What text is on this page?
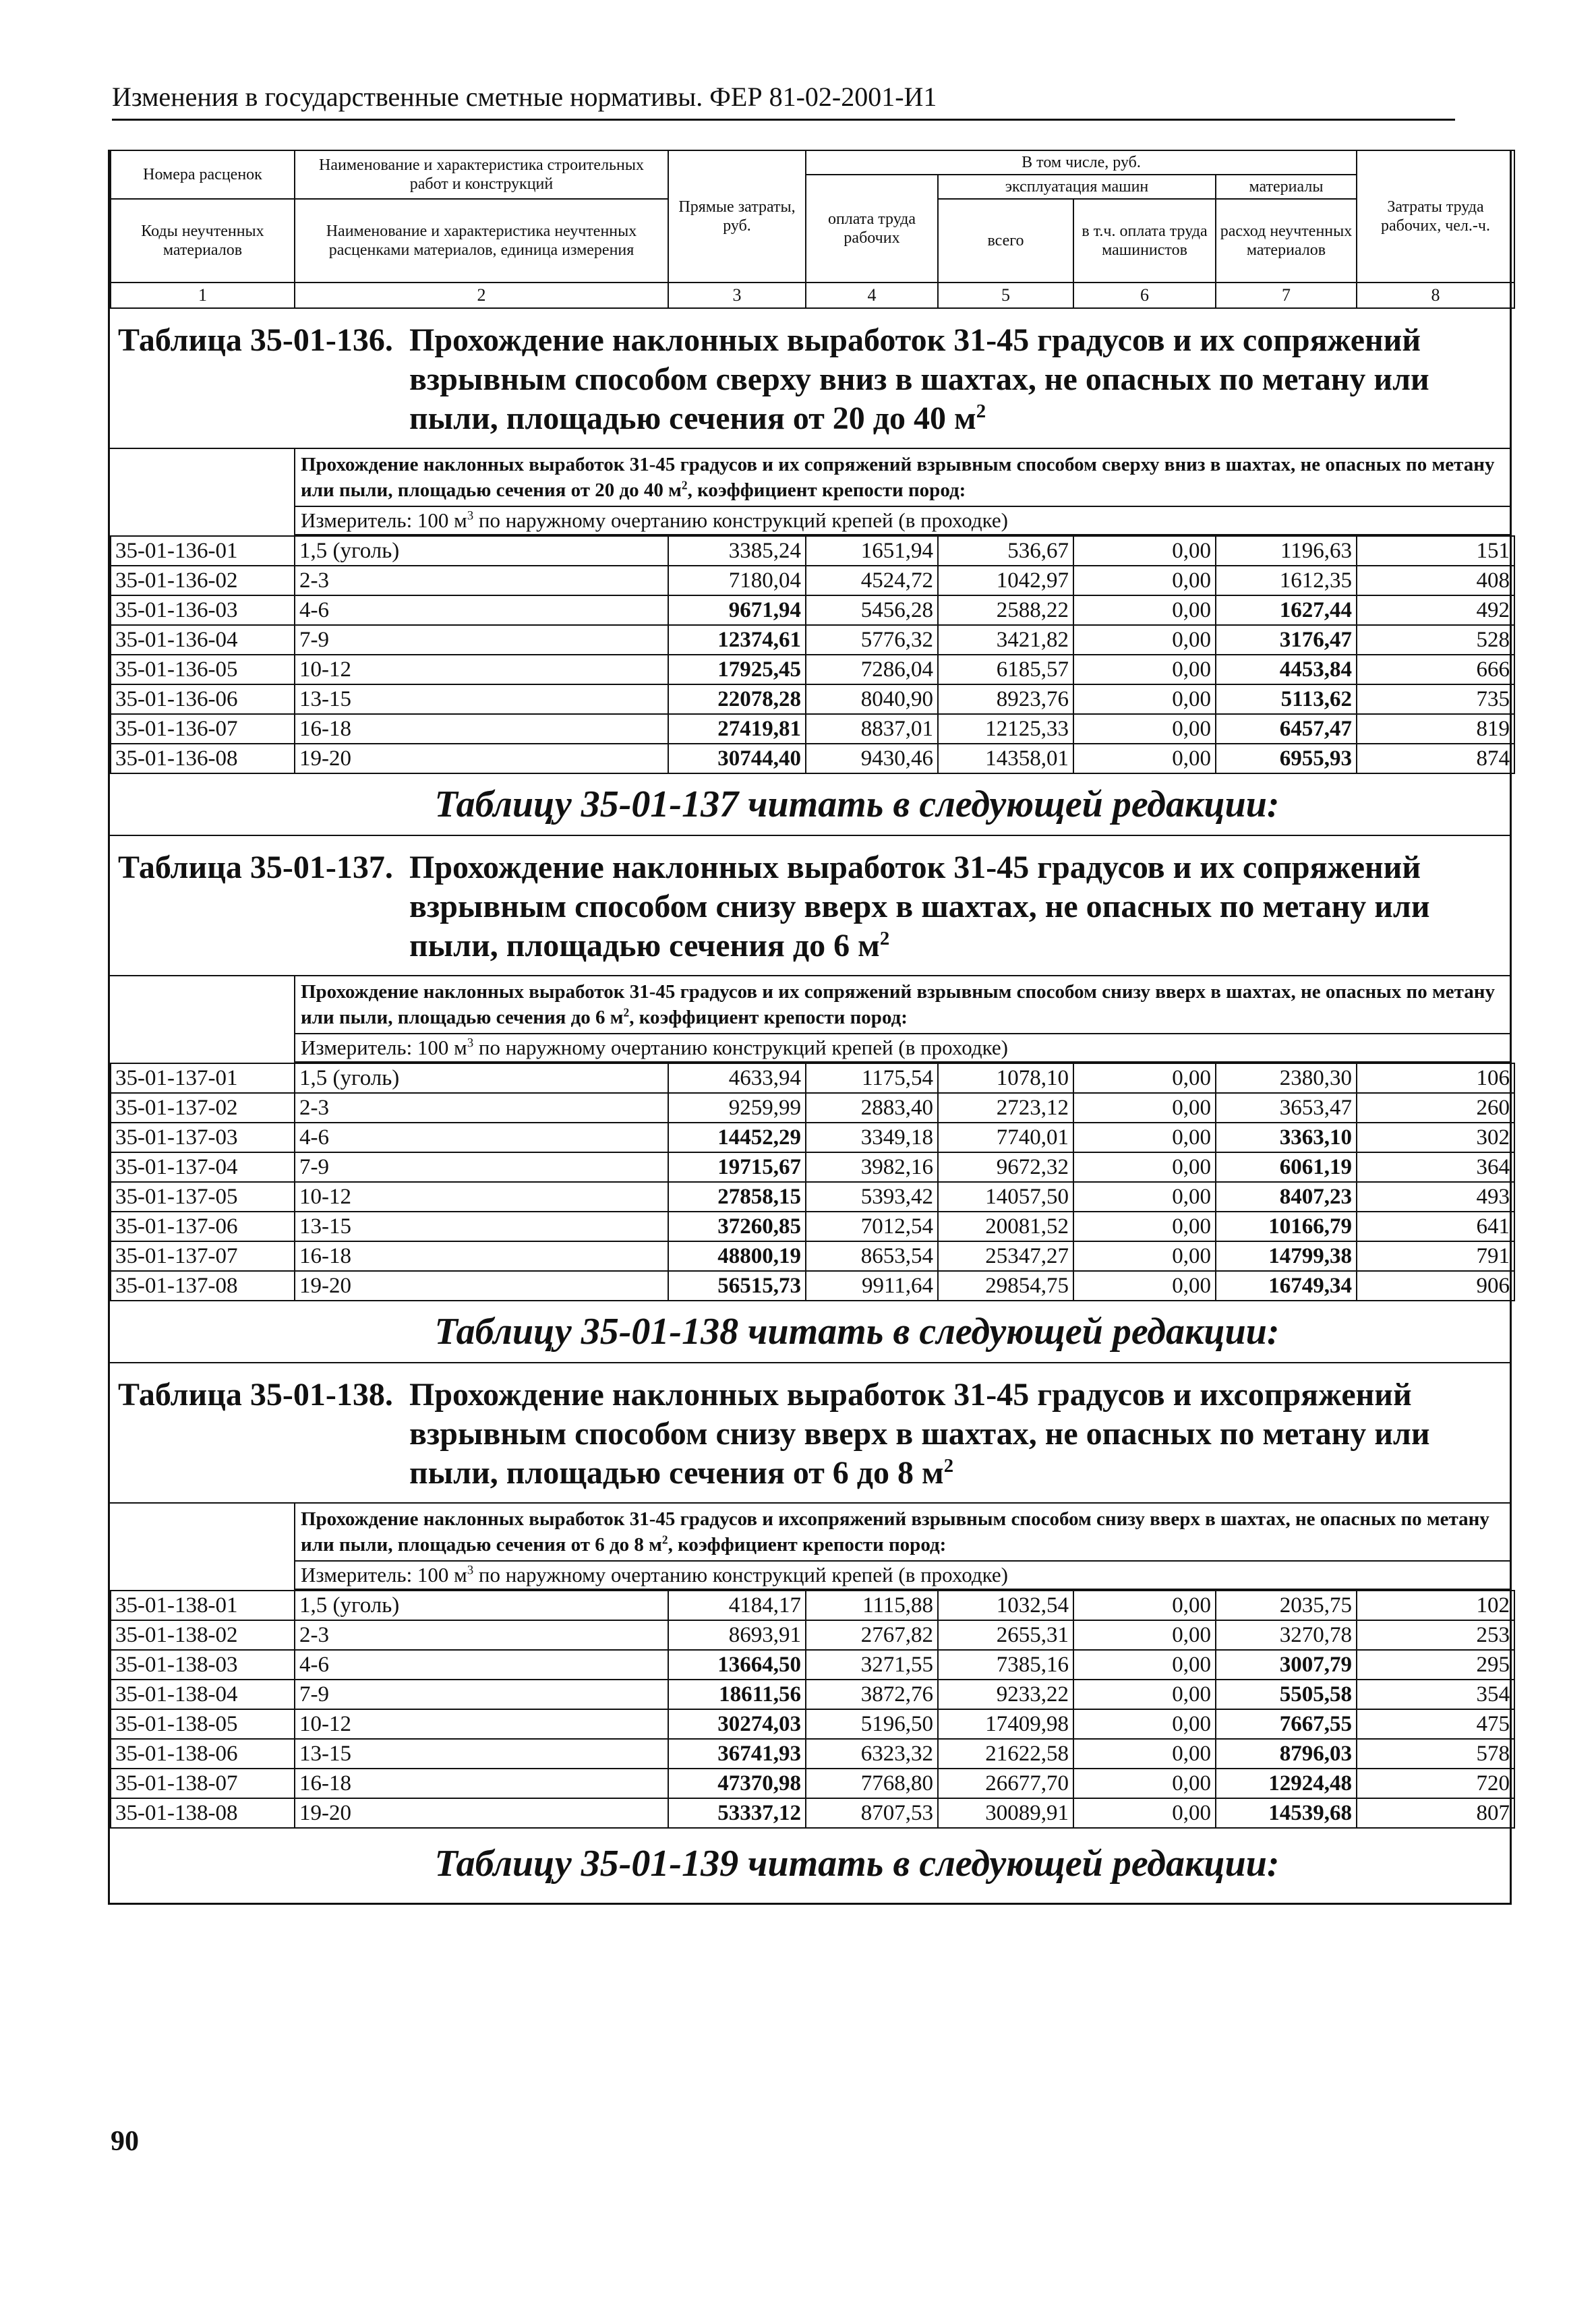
Изменения в государственные сметные нормативы. ФЕР 81-02-2001-И1
Номера расценок	Наименование и характеристика строительных работ и конструкций	Прямые затраты, руб.	В том числе, руб.				Затраты труда рабочих, чел.-ч.
			оплата труда рабочих	эксплуатация машин		материалы	
Коды неучтенных материалов	Наименование и характеристика неучтенных расценками материалов, единица измерения			всего	в т.ч. оплата труда машинистов	расход неучтенных материалов	

1	2	3	4	5	6	7	8
Таблица 35-01-136. Прохождение наклонных выработок 31-45 градусов и их сопряжений взрывным способом сверху вниз в шахтах, не опасных по метану или пыли, площадью сечения от 20 до 40 $м^2$
Прохождение наклонных выработок 31-45 градусов и их сопряжений взрывным способом сверху вниз в шахтах, не опасных по метану или пыли, площадью сечения от 20 до 40 $м^2$, коэффициент крепости пород:
Измеритель: 100 $м^3$ по наружному очертанию конструкций крепей (в проходке)
35-01-136-01	1,5 (уголь)	3385,24	1651,94	536,67	0,00	1196,63	151
35-01-136-02	2-3	7180,04	4524,72	1042,97	0,00	1612,35	408
35-01-136-03	4-6	9671,94	5456,28	2588,22	0,00	1627,44	492
35-01-136-04	7-9	12374,61	5776,32	3421,82	0,00	3176,47	528
35-01-136-05	10-12	17925,45	7286,04	6185,57	0,00	4453,84	666
35-01-136-06	13-15	22078,28	8040,90	8923,76	0,00	5113,62	735
35-01-136-07	16-18	27419,81	8837,01	12125,33	0,00	6457,47	819
35-01-136-08	19-20	30744,40	9430,46	14358,01	0,00	6955,93	874
Таблицу 35-01-137 читать в следующей редакции:
Таблица 35-01-137. Прохождение наклонных выработок 31-45 градусов и их сопряжений взрывным способом снизу вверх в шахтах, не опасных по метану или пыли, площадью сечения до 6 $м^2$
Прохождение наклонных выработок 31-45 градусов и их сопряжений взрывным способом снизу вверх в шахтах, не опасных по метану или пыли, площадью сечения до 6 $м^2$, коэффициент крепости пород:
Измеритель: 100 $м^3$ по наружному очертанию конструкций крепей (в проходке)
35-01-137-01	1,5 (уголь)	4633,94	1175,54	1078,10	0,00	2380,30	106
35-01-137-02	2-3	9259,99	2883,40	2723,12	0,00	3653,47	260
35-01-137-03	4-6	14452,29	3349,18	7740,01	0,00	3363,10	302
35-01-137-04	7-9	19715,67	3982,16	9672,32	0,00	6061,19	364
35-01-137-05	10-12	27858,15	5393,42	14057,50	0,00	8407,23	493
35-01-137-06	13-15	37260,85	7012,54	20081,52	0,00	10166,79	641
35-01-137-07	16-18	48800,19	8653,54	25347,27	0,00	14799,38	791
35-01-137-08	19-20	56515,73	9911,64	29854,75	0,00	16749,34	906
Таблицу 35-01-138 читать в следующей редакции:
Таблица 35-01-138. Прохождение наклонных выработок 31-45 градусов и ихсопряжений взрывным способом снизу вверх в шахтах, не опасных по метану или пыли, площадью сечения от 6 до 8 $м^2$
Прохождение наклонных выработок 31-45 градусов и ихсопряжений взрывным способом снизу вверх в шахтах, не опасных по метану или пыли, площадью сечения от 6 до 8 $м^2$, коэффициент крепости пород:
Измеритель: 100 $м^3$ по наружному очертанию конструкций крепей (в проходке)
35-01-138-01	1,5 (уголь)	4184,17	1115,88	1032,54	0,00	2035,75	102
35-01-138-02	2-3	8693,91	2767,82	2655,31	0,00	3270,78	253
35-01-138-03	4-6	13664,50	3271,55	7385,16	0,00	3007,79	295
35-01-138-04	7-9	18611,56	3872,76	9233,22	0,00	5505,58	354
35-01-138-05	10-12	30274,03	5196,50	17409,98	0,00	7667,55	475
35-01-138-06	13-15	36741,93	6323,32	21622,58	0,00	8796,03	578
35-01-138-07	16-18	47370,98	7768,80	26677,70	0,00	12924,48	720
35-01-138-08	19-20	53337,12	8707,53	30089,91	0,00	14539,68	807
Таблицу 35-01-139 читать в следующей редакции:
90
